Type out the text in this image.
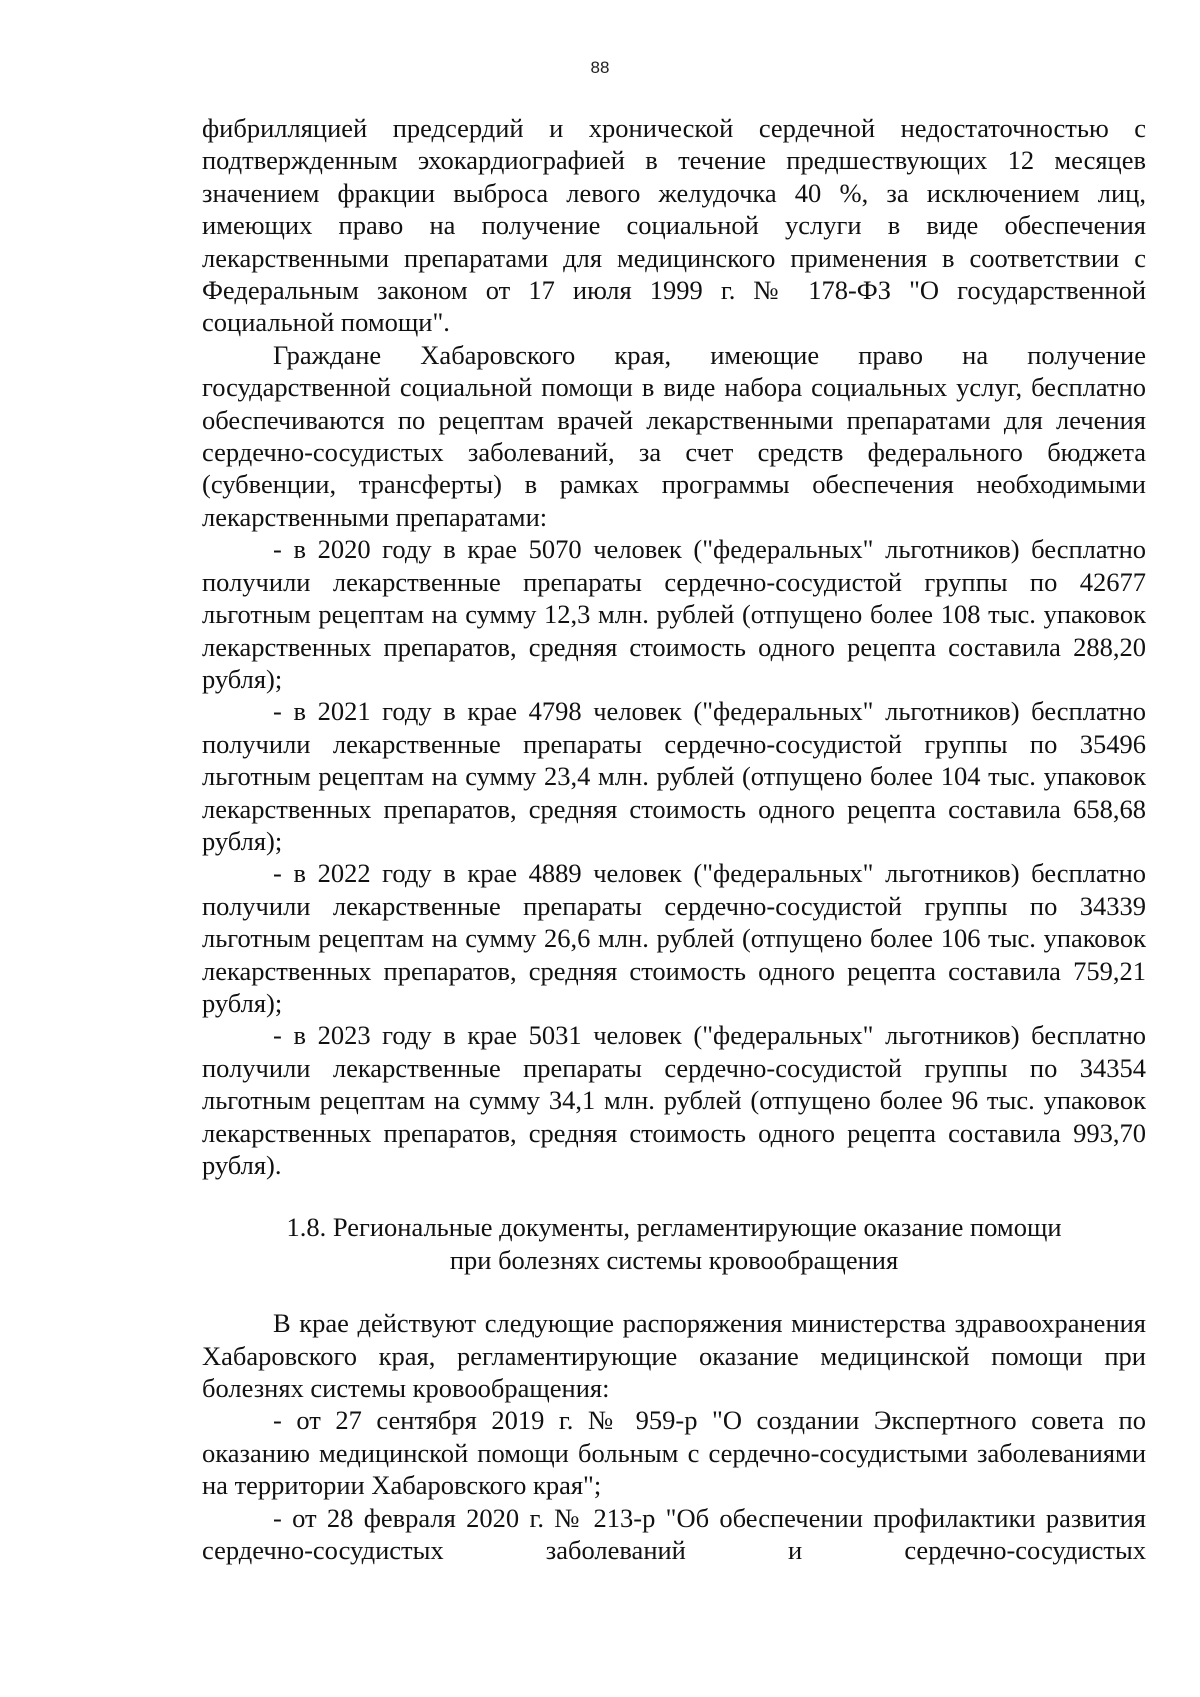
88

фибрилляцией предсердий и хронической сердечной недостаточностью с подтвержденным эхокардиографией в течение предшествующих 12 месяцев значением фракции выброса левого желудочка 40 %, за исключением лиц, имеющих право на получение социальной услуги в виде обеспечения лекарственными препаратами для медицинского применения в соответствии с Федеральным законом от 17 июля 1999 г. № 178-ФЗ "О государственной социальной помощи".

Граждане Хабаровского края, имеющие право на получение государственной социальной помощи в виде набора социальных услуг, бесплатно обеспечиваются по рецептам врачей лекарственными препаратами для лечения сердечно-сосудистых заболеваний, за счет средств федерального бюджета (субвенции, трансферты) в рамках программы обеспечения необходимыми лекарственными препаратами:

- в 2020 году в крае 5070 человек ("федеральных" льготников) бесплатно получили лекарственные препараты сердечно-сосудистой группы по 42677 льготным рецептам на сумму 12,3 млн. рублей (отпущено более 108 тыс. упаковок лекарственных препаратов, средняя стоимость одного рецепта составила 288,20 рубля);

- в 2021 году в крае 4798 человек ("федеральных" льготников) бесплатно получили лекарственные препараты сердечно-сосудистой группы по 35496 льготным рецептам на сумму 23,4 млн. рублей (отпущено более 104 тыс. упаковок лекарственных препаратов, средняя стоимость одного рецепта составила 658,68 рубля);

- в 2022 году в крае 4889 человек ("федеральных" льготников) бесплатно получили лекарственные препараты сердечно-сосудистой группы по 34339 льготным рецептам на сумму 26,6 млн. рублей (отпущено более 106 тыс. упаковок лекарственных препаратов, средняя стоимость одного рецепта составила 759,21 рубля);

- в 2023 году в крае 5031 человек ("федеральных" льготников) бесплатно получили лекарственные препараты сердечно-сосудистой группы по 34354 льготным рецептам на сумму 34,1 млн. рублей (отпущено более 96 тыс. упаковок лекарственных препаратов, средняя стоимость одного рецепта составила 993,70 рубля).

1.8. Региональные документы, регламентирующие оказание помощи
при болезнях системы кровообращения

В крае действуют следующие распоряжения министерства здравоохранения Хабаровского края, регламентирующие оказание медицинской помощи при болезнях системы кровообращения:

- от 27 сентября 2019 г. № 959-р "О создании Экспертного совета по оказанию медицинской помощи больным с сердечно-сосудистыми заболеваниями на территории Хабаровского края";

- от 28 февраля 2020 г. № 213-р "Об обеспечении профилактики развития сердечно-сосудистых заболеваний и сердечно-сосудистых
